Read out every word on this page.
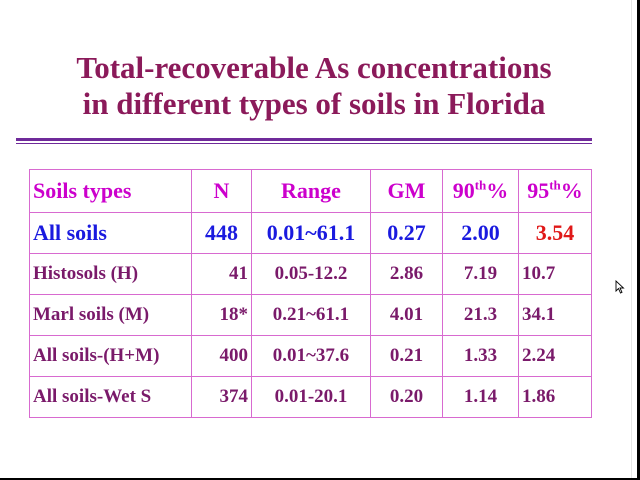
Total-recoverable As concentrations
in different types of soils in Florida
Soils types	N	Range	GM	90th%	95th%
All soils	448	0.01~61.1	0.27	2.00	3.54
Histosols (H)	41	0.05-12.2	2.86	7.19	10.7
Marl soils (M)	18*	0.21~61.1	4.01	21.3	34.1
All soils-(H+M)	400	0.01~37.6	0.21	1.33	2.24
All soils-Wet S	374	0.01-20.1	0.20	1.14	1.86
